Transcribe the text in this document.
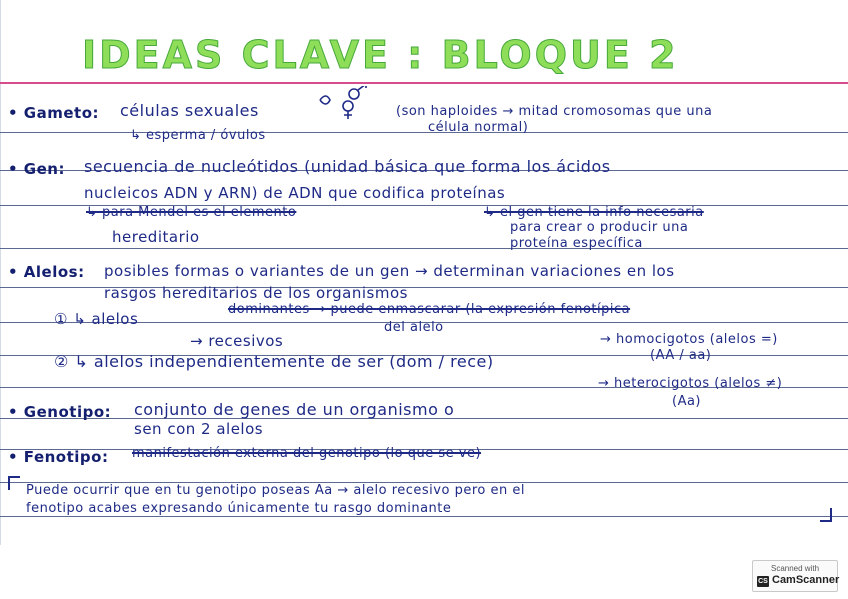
IDEAS CLAVE : BLOQUE 2
• Gameto: células sexuales	(son haploides → mitad cromosomas que una
célula normal)
↳ esperma / óvulos
• Gen: secuencia de nucleótidos (unidad básica que forma los ácidos
nucleicos ADN y ARN) de ADN que codifica proteínas
↳ para Mendel es el elemento
hereditario
↳ el gen tiene la info necesaria
para crear o producir una
proteína específica
• Alelos: posibles formas o variantes de un gen → determinan variaciones en los
rasgos hereditarios de los organismos
① ↳ alelos
dominantes → puede enmascarar (la expresión fenotípica
del alelo
→ recesivos
② ↳ alelos independientemente de ser (dom / rece)
→ homocigotos (alelos =)
(AA / aa)
→ heterocigotos (alelos ≠)
(Aa)
• Genotipo: conjunto de genes de un organismo o
sen con 2 alelos
• Fenotipo: manifestación externa del genotipo (lo que se ve)
Puede ocurrir que en tu genotipo poseas Aa → alelo recesivo pero en el
fenotipo acabes expresando únicamente tu rasgo dominante
Scanned with
CS CamScanner
